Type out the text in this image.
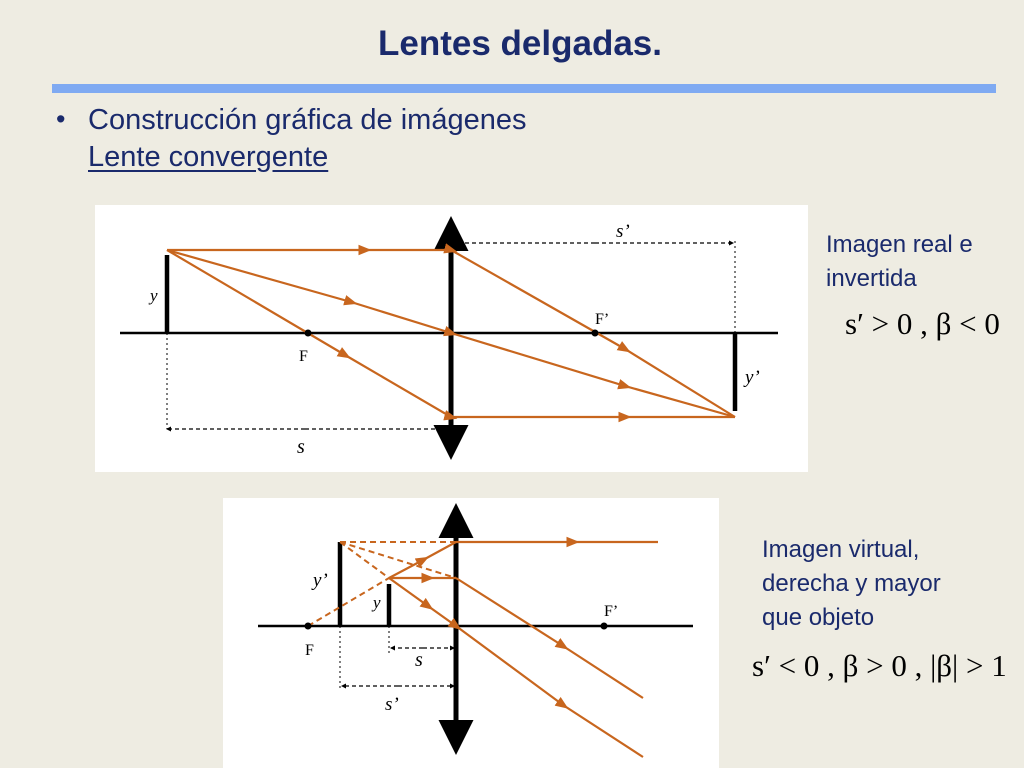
Lentes delgadas.
• Construcción gráfica de imágenes
Lente convergente
y
y’
s
s’
F
F’
Imagen real e
invertida
s′ > 0 , β < 0
y
y’
s
s’
F
F’
Imagen virtual,
derecha y mayor
que objeto
s′ < 0 , β > 0 , |β| > 1
